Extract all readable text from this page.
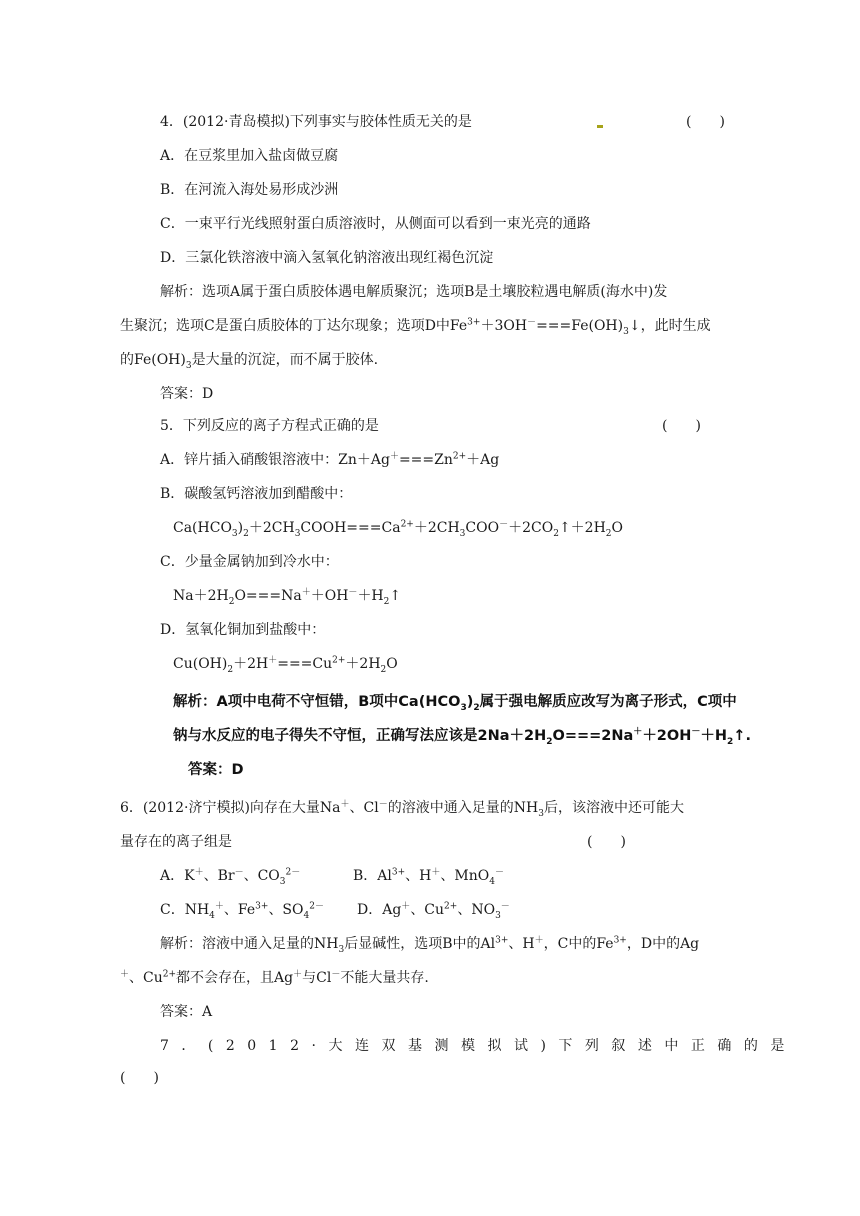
4．(2012·青岛模拟)下列事实与胶体性质无关的是	(　　)
A．在豆浆里加入盐卤做豆腐
B．在河流入海处易形成沙洲
C．一束平行光线照射蛋白质溶液时，从侧面可以看到一束光亮的通路
D．三氯化铁溶液中滴入氢氧化钠溶液出现红褐色沉淀
解析：选项A属于蛋白质胶体遇电解质聚沉；选项B是土壤胶粒遇电解质(海水中)发
生聚沉；选项C是蛋白质胶体的丁达尔现象；选项D中$Fe^{3+}+3OH^-===Fe(OH)_3↓$，此时生成
的$Fe(OH)_3$是大量的沉淀，而不属于胶体.
答案：D
5．下列反应的离子方程式正确的是	(　　)
A．锌片插入硝酸银溶液中：$Zn+Ag^+===Zn^{2+}+Ag$
B．碳酸氢钙溶液加到醋酸中：
$Ca(HCO_3)_2+2CH_3COOH===Ca^{2+}+2CH_3COO^-+2CO_2↑+2H_2O$
C．少量金属钠加到冷水中：
$Na+2H_2O===Na^++OH^-+H_2↑$
D．氢氧化铜加到盐酸中：
$Cu(OH)_2+2H^+===Cu^{2+}+2H_2O$
解析：A项中电荷不守恒错，B项中$Ca(HCO_3)_2$属于强电解质应改写为离子形式，C项中
钠与水反应的电子得失不守恒，正确写法应该是$2Na+2H_2O===2Na^++2OH^-+H_2↑$.
答案：D
6．(2012·济宁模拟)向存在大量Na＋、Cl－的溶液中通入足量的$NH_3$后，该溶液中还可能大
量存在的离子组是	(　　)
A．K＋、Br－、$CO_3^{2-}$	B．$Al^{3+}$、H＋、MnO$_4$－
C．$NH_4^+$、$Fe^{3+}$、$SO_4^{2-}$ D．Ag＋、$Cu^{2+}$、$NO_3^-$
解析：溶液中通入足量的$NH_3$后显碱性，选项B中的$Al^{3+}$、H＋，C中的$Fe^{3+}$，D中的Ag
＋、$Cu^{2+}$都不会存在，且Ag＋与Cl－不能大量共存.
答案：A
7．(2012·大连双基测模拟试)下列叙述中正确的是
(　　)
